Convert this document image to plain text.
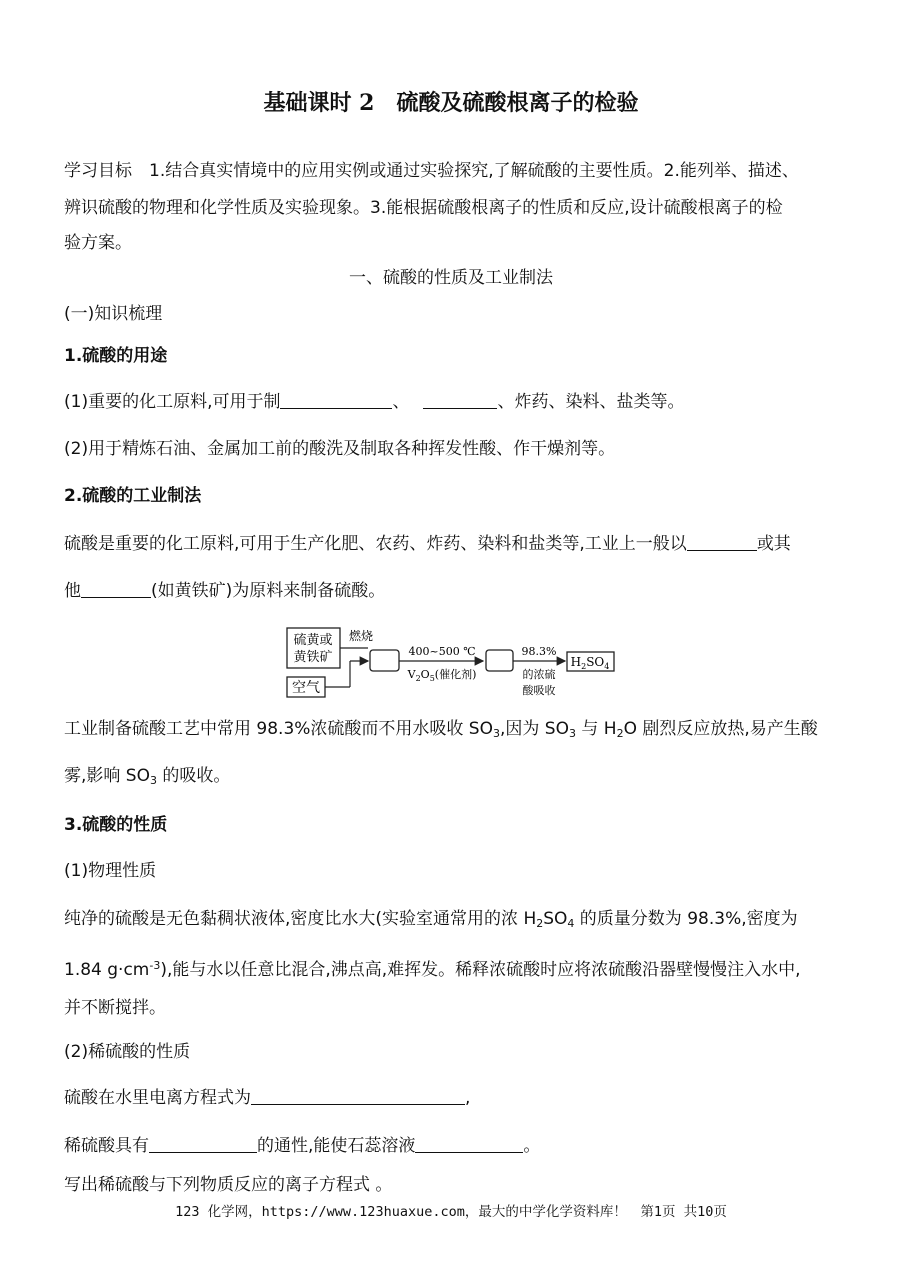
基础课时 2　硫酸及硫酸根离子的检验
学习目标　1.结合真实情境中的应用实例或通过实验探究,了解硫酸的主要性质。2.能列举、描述、
辨识硫酸的物理和化学性质及实验现象。3.能根据硫酸根离子的性质和反应,设计硫酸根离子的检
验方案。
一、硫酸的性质及工业制法
(一)知识梳理
1.硫酸的用途
(1)重要的化工原料,可用于制	、	、炸药、染料、盐类等。
(2)用于精炼石油、金属加工前的酸洗及制取各种挥发性酸、作干燥剂等。
2.硫酸的工业制法
硫酸是重要的化工原料,可用于生产化肥、农药、炸药、染料和盐类等,工业上一般以	或其
他	(如黄铁矿)为原料来制备硫酸。
硫黄或
黄铁矿
空气
燃烧
400~500 ℃
$V_2O_5$(催化剂)
98.3%
的浓硫
酸吸收
$H_2SO_4$
工业制备硫酸工艺中常用 98.3%浓硫酸而不用水吸收 $SO_3$,因为 $SO_3$ 与 $H_2O$ 剧烈反应放热,易产生酸
雾,影响 $SO_3$ 的吸收。
3.硫酸的性质
(1)物理性质
纯净的硫酸是无色黏稠状液体,密度比水大(实验室通常用的浓 $H_2SO_4$ 的质量分数为 98.3%,密度为
1.84 $g\cdot cm^{-3}$),能与水以任意比混合,沸点高,难挥发。稀释浓硫酸时应将浓硫酸沿器壁慢慢注入水中,
并不断搅拌。
(2)稀硫酸的性质
硫酸在水里电离方程式为	,
稀硫酸具有	的通性,能使石蕊溶液	。
写出稀硫酸与下列物质反应的离子方程式 。
123 化学网，https://www.123huaxue.com，最大的中学化学资料库！　第1页 共10页
